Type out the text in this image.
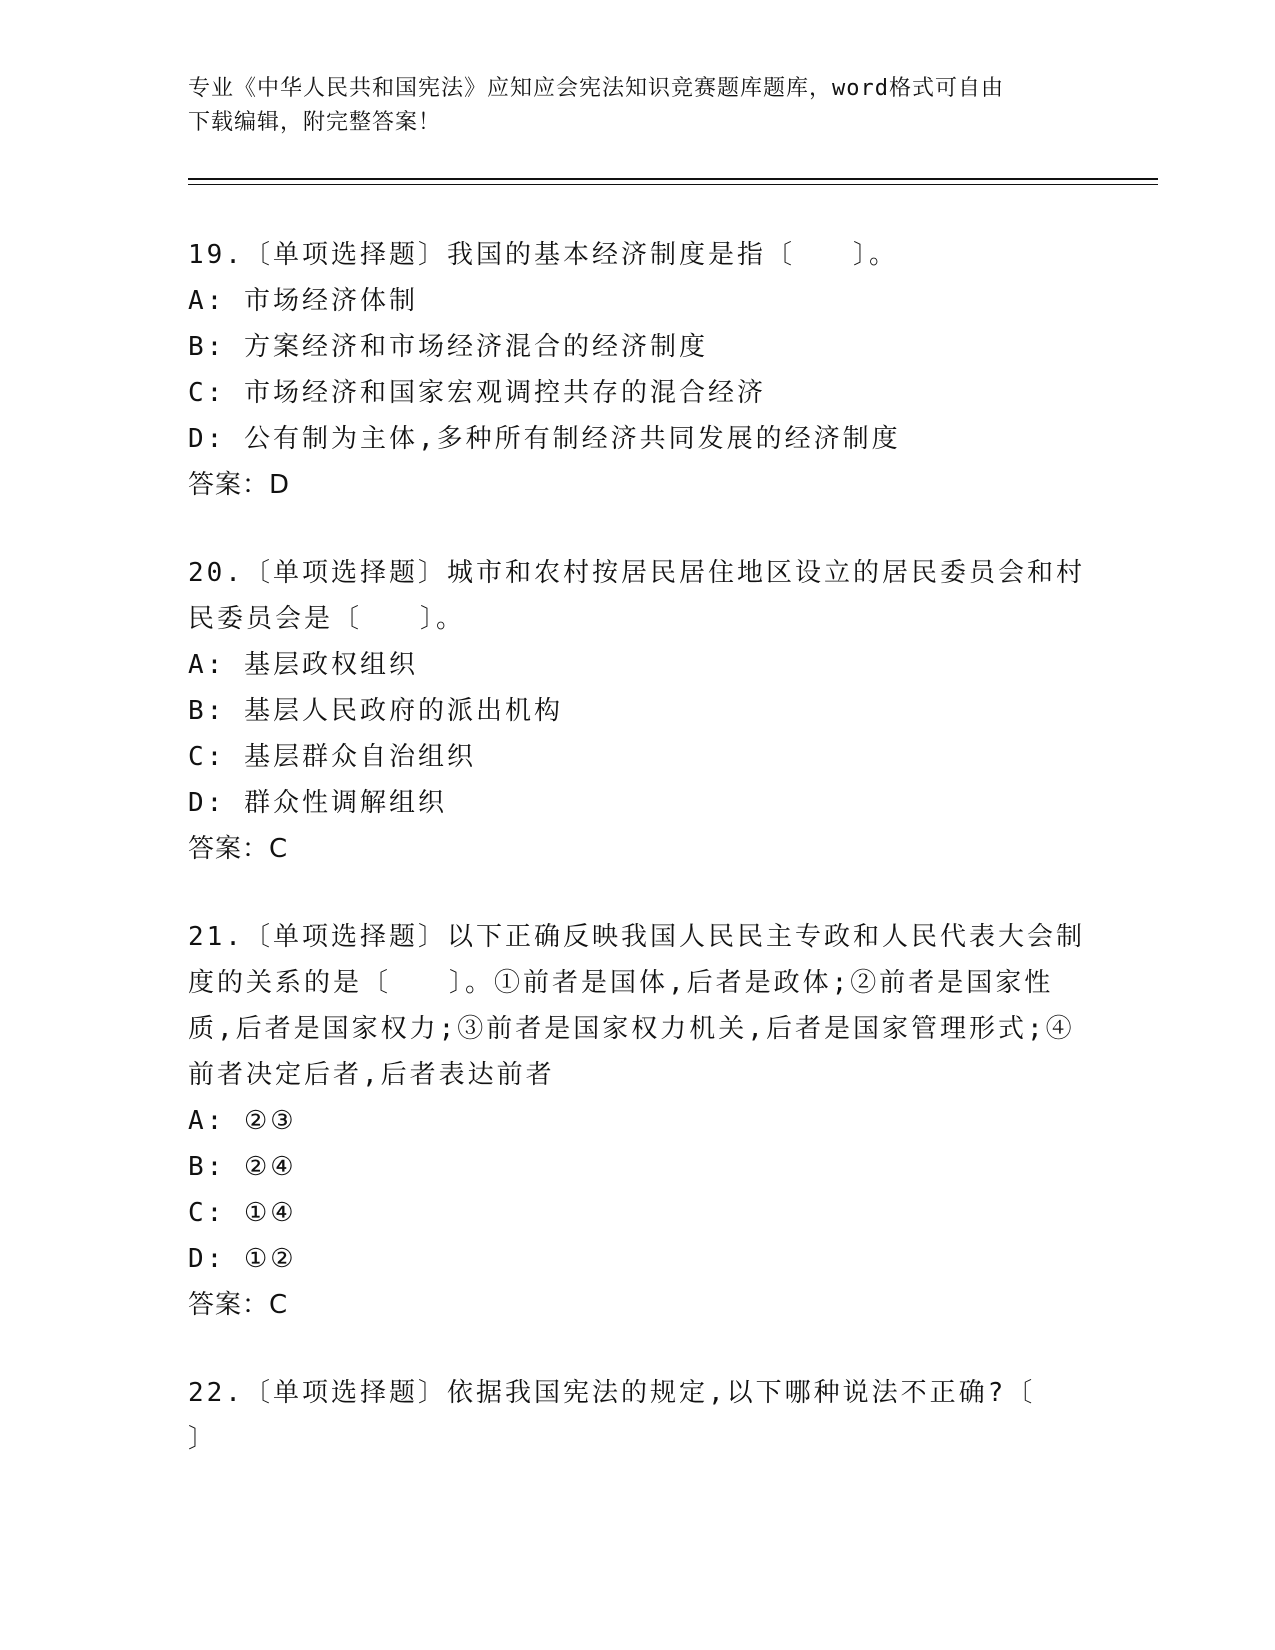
专业《中华人民共和国宪法》应知应会宪法知识竞赛题库题库，word格式可自由
下载编辑，附完整答案！

19.〔单项选择题〕我国的基本经济制度是指〔　　〕。

A: 市场经济体制

B: 方案经济和市场经济混合的经济制度

C: 市场经济和国家宏观调控共存的混合经济

D: 公有制为主体,多种所有制经济共同发展的经济制度

答案：D

20.〔单项选择题〕城市和农村按居民居住地区设立的居民委员会和村民委员会是〔　　〕。

A: 基层政权组织

B: 基层人民政府的派出机构

C: 基层群众自治组织

D: 群众性调解组织

答案：C

21.〔单项选择题〕以下正确反映我国人民民主专政和人民代表大会制度的关系的是〔　　〕。①前者是国体,后者是政体;②前者是国家性质,后者是国家权力;③前者是国家权力机关,后者是国家管理形式;④前者决定后者,后者表达前者

A: ②③

B: ②④

C: ①④

D: ①②

答案：C

22.〔单项选择题〕依据我国宪法的规定,以下哪种说法不正确?〔
〕
